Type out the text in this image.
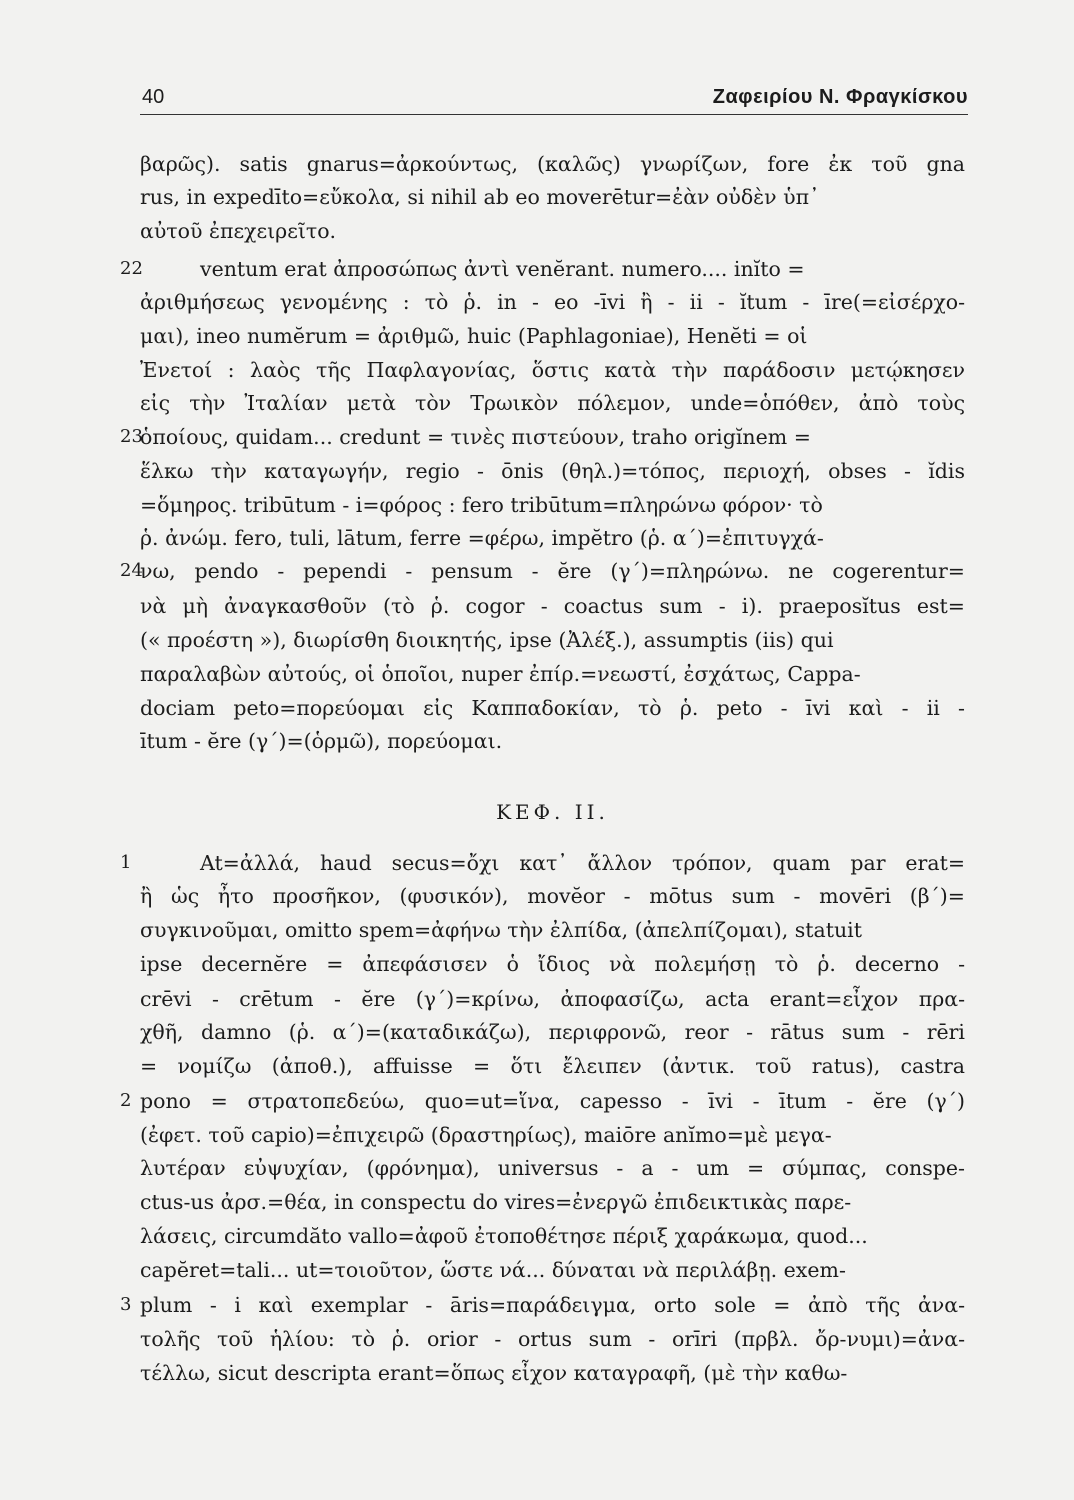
40	Ζαφειρίου Ν. Φραγκίσκου
βαρῶς). satis gnarus=ἀρκούντως, (καλῶς) γνωρίζων, fore ἐκ τοῦ gna
rus, in expedīto=εὔκολα, si nihil ab eo moverētur=ἐὰν οὐδὲν ὑπ᾽
αὐτοῦ ἐπεχειρεῖτο.
22	ventum erat ἀπροσώπως ἀντὶ venĕrant. numero.... inĭto =
ἀριθμήσεως γενομένης : τὸ ῥ. in - eo -īvi ἢ - ii - ĭtum - īre(=εἰσέρχο-
μαι), ineo numĕrum = ἀριθμῶ, huic (Paphlagoniae), Henĕti = οἱ
Ἐνετοί : λαὸς τῆς Παφλαγονίας, ὅστις κατὰ τὴν παράδοσιν μετῴκησεν
εἰς τὴν Ἰταλίαν μετὰ τὸν Τρωικὸν πόλεμον, unde=ὁπόθεν, ἀπὸ τοὺς
23
ὁποίους, quidam... credunt = τινὲς πιστεύουν, traho origĭnem =
ἕλκω τὴν καταγωγήν, regio - ōnis (θηλ.)=τόπος, περιοχή, obses - ĭdis
=ὅμηρος. tribūtum - i=φόρος : fero tribūtum=πληρώνω φόρον· τὸ
ῥ. ἀνώμ. fero, tuli, lātum, ferre =φέρω, impĕtro (ῥ. α΄)=ἐπιτυγχά-
24
νω, pendo - pependi - pensum - ĕre (γ΄)=πληρώνω. ne cogerentur=
νὰ μὴ ἀναγκασθοῦν (τὸ ῥ. cogor - coactus sum - i). praeposĭtus est=
(« προέστη »), διωρίσθη διοικητής, ipse (Ἀλέξ.), assumptis (iis) qui
παραλαβὼν αὐτούς, οἱ ὁποῖοι, nuper ἐπίρ.=νεωστί, ἐσχάτως, Cappa-
dociam peto=πορεύομαι εἰς Καππαδοκίαν, τὸ ῥ. peto - īvi καὶ - ii -
ītum - ĕre (γ΄)=(ὁρμῶ), πορεύομαι.
ΚΕΦ. II.
1	At=ἀλλά, haud secus=ὄχι κατ᾽ ἄλλον τρόπον, quam par erat=
ἢ ὡς ἦτο προσῆκον, (φυσικόν), movĕor - mōtus sum - movēri (β΄)=
συγκινοῦμαι, omitto spem=ἀφήνω τὴν ἐλπίδα, (ἀπελπίζομαι), statuit
ipse decernĕre = ἀπεφάσισεν ὁ ἴδιος νὰ πολεμήσῃ τὸ ῥ. decerno -
crēvi - crētum - ĕre (γ΄)=κρίνω, ἀποφασίζω, acta erant=εἶχον πρα-
χθῆ, damno (ῥ. α΄)=(καταδικάζω), περιφρονῶ, reor - rātus sum - rēri
= νομίζω (ἀποθ.), affuisse = ὅτι ἔλειπεν (ἀντικ. τοῦ ratus), castra
2 pono = στρατοπεδεύω, quo=ut=ἵνα, capesso - īvi - ītum - ĕre (γ΄)
(ἐφετ. τοῦ capio)=ἐπιχειρῶ (δραστηρίως), maiōre anĭmo=μὲ μεγα-
λυτέραν εὐψυχίαν, (φρόνημα), universus - a - um = σύμπας, conspe-
ctus-us ἀρσ.=θέα, in conspectu do vires=ἐνεργῶ ἐπιδεικτικὰς παρε-
λάσεις, circumdăto vallo=ἀφοῦ ἐτοποθέτησε πέριξ χαράκωμα, quod...
capĕret=tali... ut=τοιοῦτον, ὥστε νά... δύναται νὰ περιλάβῃ. exem-
3 plum - i καὶ exemplar - āris=παράδειγμα, orto sole = ἀπὸ τῆς ἀνα-
τολῆς τοῦ ἡλίου: τὸ ῥ. orior - ortus sum - orīri (πρβλ. ὄρ-νυμι)=ἀνα-
τέλλω, sicut descripta erant=ὅπως εἶχον καταγραφῆ, (μὲ τὴν καθω-
